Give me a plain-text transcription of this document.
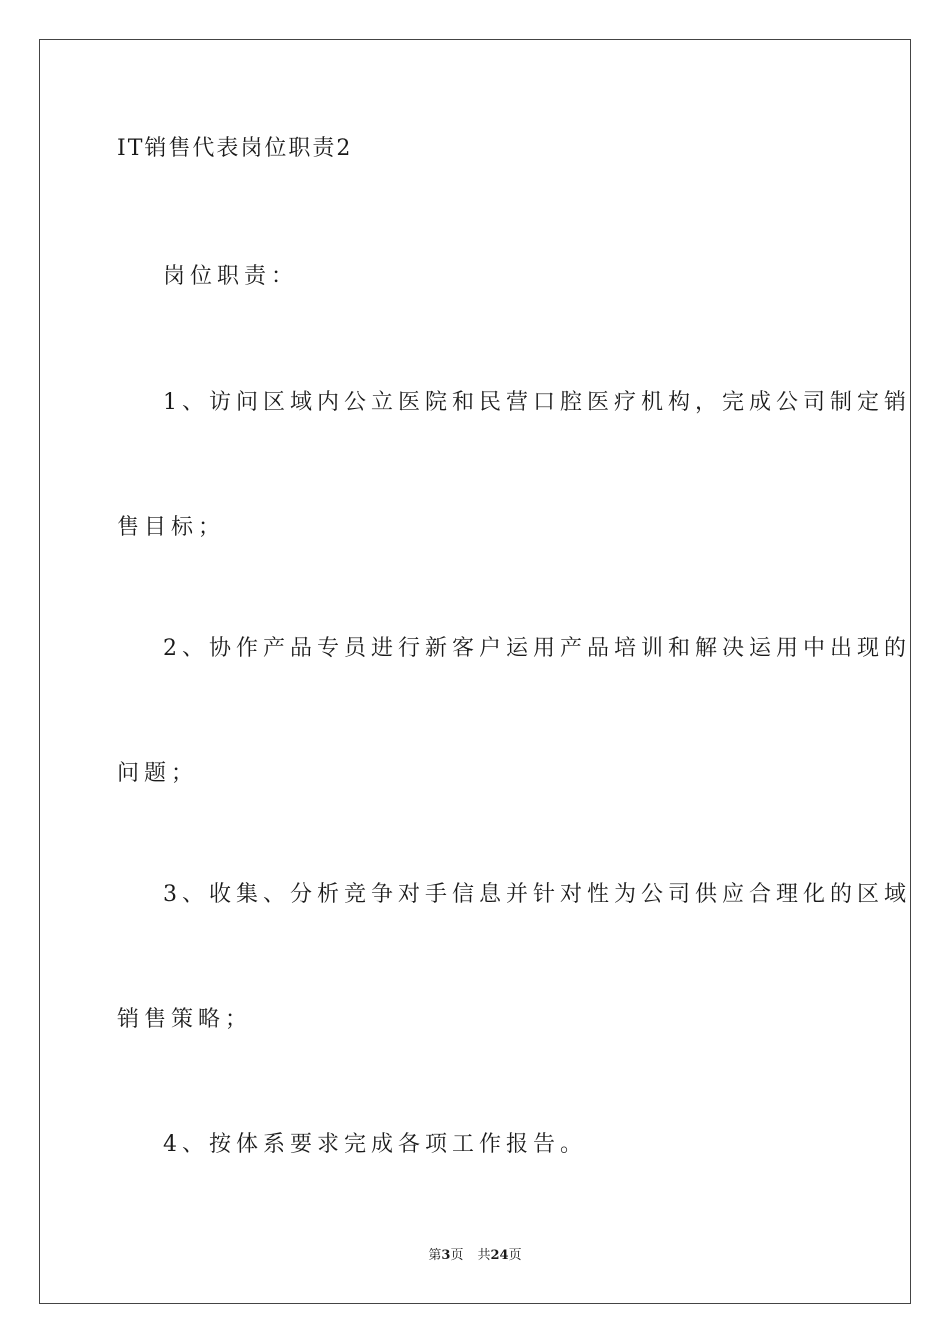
IT销售代表岗位职责2
岗位职责：
1、访问区域内公立医院和民营口腔医疗机构，完成公司制定销
售目标；
2、协作产品专员进行新客户运用产品培训和解决运用中出现的
问题；
3、收集、分析竞争对手信息并针对性为公司供应合理化的区域
销售策略；
4、按体系要求完成各项工作报告。
第3页 共24页
